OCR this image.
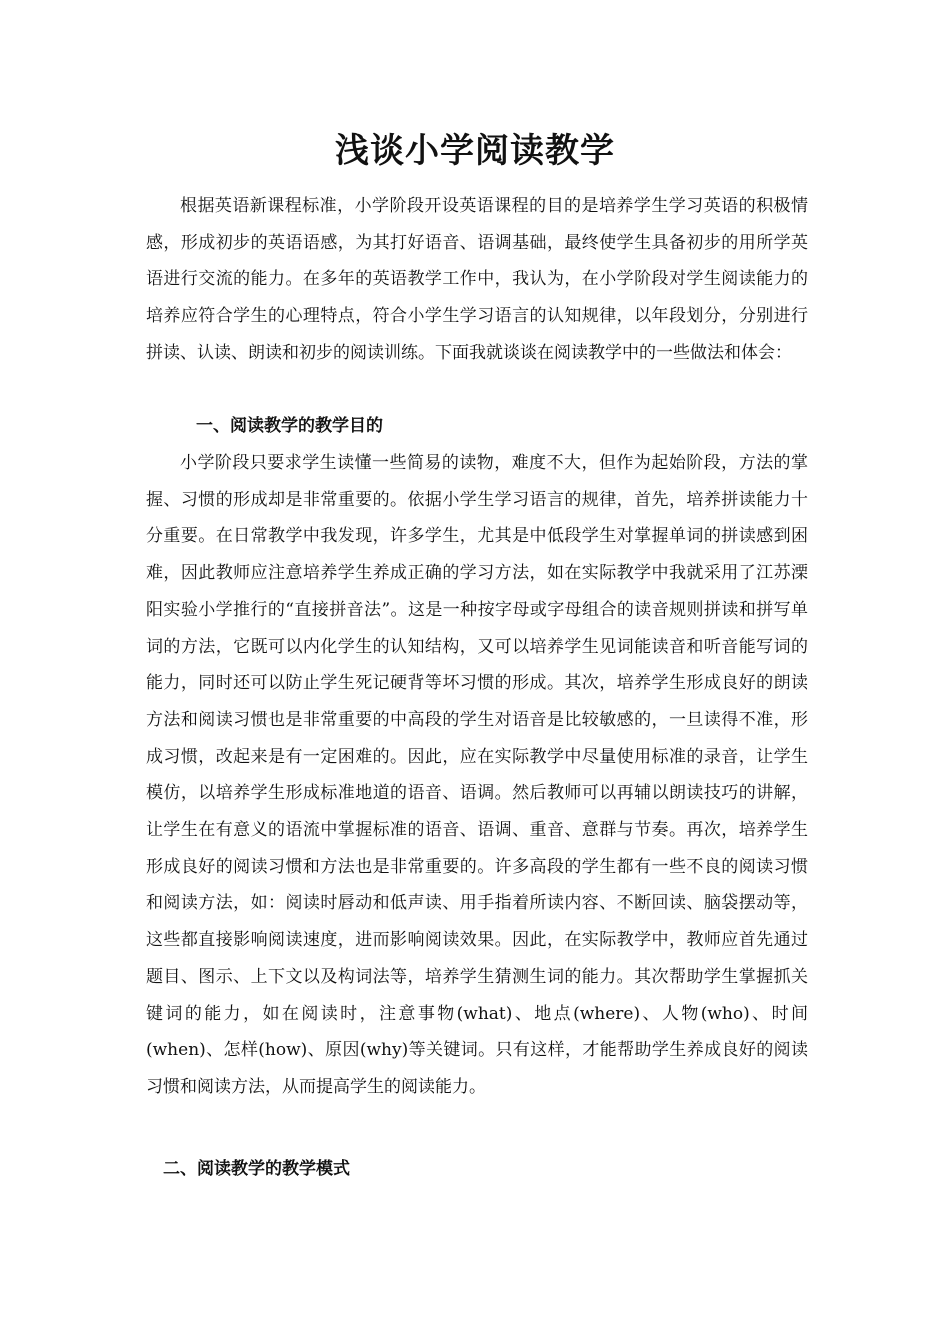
浅谈小学阅读教学

根据英语新课程标准，小学阶段开设英语课程的目的是培养学生学习英语的积极情感，形成初步的英语语感，为其打好语音、语调基础，最终使学生具备初步的用所学英语进行交流的能力。在多年的英语教学工作中，我认为，在小学阶段对学生阅读能力的培养应符合学生的心理特点，符合小学生学习语言的认知规律，以年段划分，分别进行拼读、认读、朗读和初步的阅读训练。下面我就谈谈在阅读教学中的一些做法和体会：

一、阅读教学的教学目的

小学阶段只要求学生读懂一些简易的读物，难度不大，但作为起始阶段，方法的掌握、习惯的形成却是非常重要的。依据小学生学习语言的规律，首先，培养拼读能力十分重要。在日常教学中我发现，许多学生，尤其是中低段学生对掌握单词的拼读感到困难，因此教师应注意培养学生养成正确的学习方法，如在实际教学中我就采用了江苏溧阳实验小学推行的“直接拼音法”。这是一种按字母或字母组合的读音规则拼读和拼写单词的方法，它既可以内化学生的认知结构，又可以培养学生见词能读音和听音能写词的能力，同时还可以防止学生死记硬背等坏习惯的形成。其次，培养学生形成良好的朗读方法和阅读习惯也是非常重要的中高段的学生对语音是比较敏感的，一旦读得不准，形成习惯，改起来是有一定困难的。因此，应在实际教学中尽量使用标准的录音，让学生模仿，以培养学生形成标准地道的语音、语调。然后教师可以再辅以朗读技巧的讲解，让学生在有意义的语流中掌握标准的语音、语调、重音、意群与节奏。再次，培养学生形成良好的阅读习惯和方法也是非常重要的。许多高段的学生都有一些不良的阅读习惯和阅读方法，如：阅读时唇动和低声读、用手指着所读内容、不断回读、脑袋摆动等，这些都直接影响阅读速度，进而影响阅读效果。因此，在实际教学中，教师应首先通过题目、图示、上下文以及构词法等，培养学生猜测生词的能力。其次帮助学生掌握抓关键词的能力，如在阅读时，注意事物(what)、地点(where)、人物(who)、时间(when)、怎样(how)、原因(why)等关键词。只有这样，才能帮助学生养成良好的阅读习惯和阅读方法，从而提高学生的阅读能力。

二、阅读教学的教学模式
